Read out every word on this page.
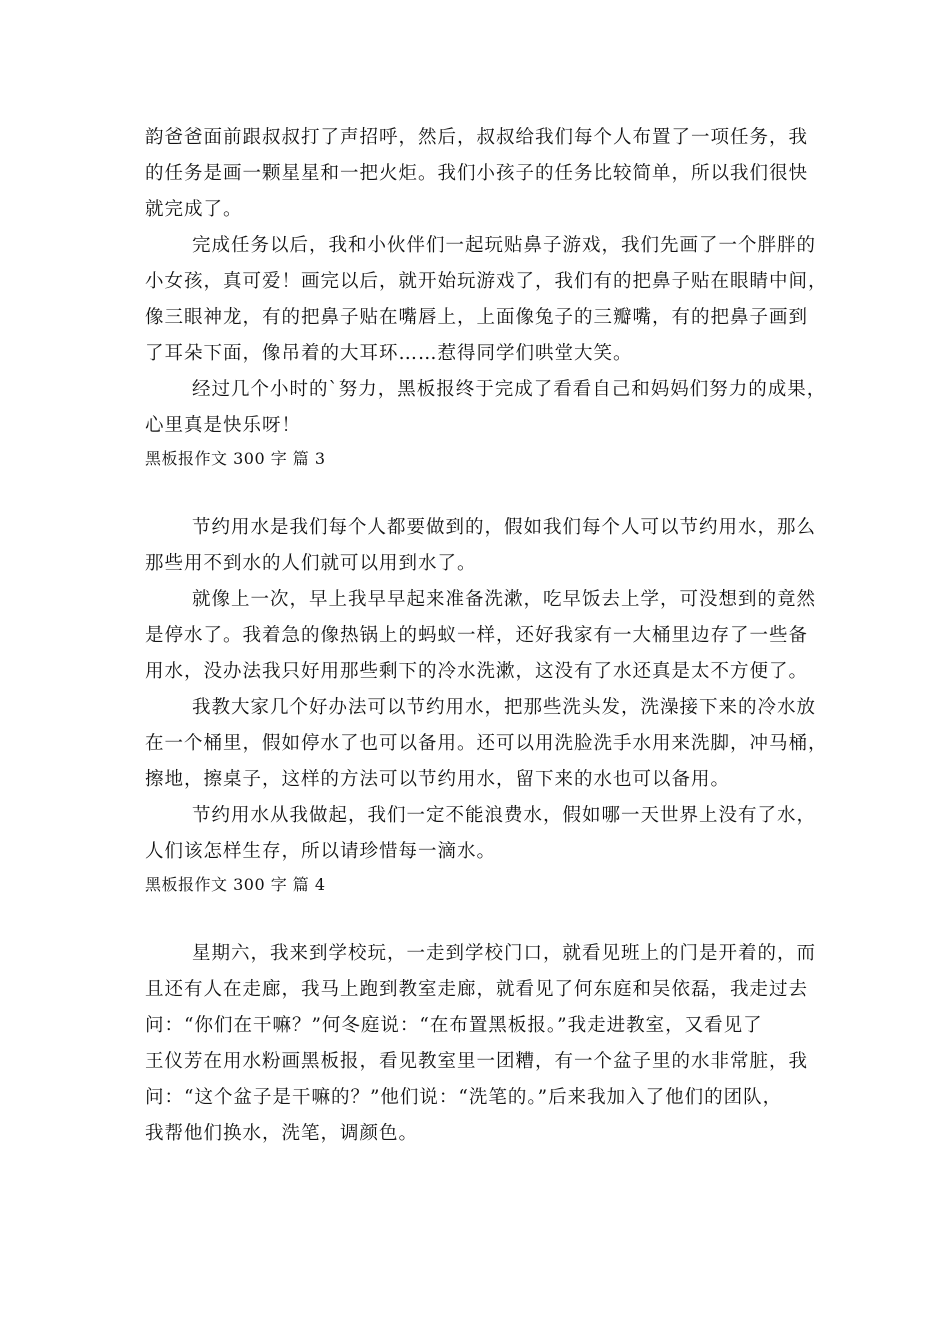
韵爸爸面前跟叔叔打了声招呼，然后，叔叔给我们每个人布置了一项任务，我
的任务是画一颗星星和一把火炬。我们小孩子的任务比较简单，所以我们很快
就完成了。

完成任务以后，我和小伙伴们一起玩贴鼻子游戏，我们先画了一个胖胖的
小女孩，真可爱！画完以后，就开始玩游戏了，我们有的把鼻子贴在眼睛中间，
像三眼神龙，有的把鼻子贴在嘴唇上，上面像兔子的三瓣嘴，有的把鼻子画到
了耳朵下面，像吊着的大耳环……惹得同学们哄堂大笑。

经过几个小时的`努力，黑板报终于完成了看看自己和妈妈们努力的成果，
心里真是快乐呀！

黑板报作文 300 字 篇 3

节约用水是我们每个人都要做到的，假如我们每个人可以节约用水，那么
那些用不到水的人们就可以用到水了。

就像上一次，早上我早早起来准备洗漱，吃早饭去上学，可没想到的竟然
是停水了。我着急的像热锅上的蚂蚁一样，还好我家有一大桶里边存了一些备
用水，没办法我只好用那些剩下的冷水洗漱，这没有了水还真是太不方便了。

我教大家几个好办法可以节约用水，把那些洗头发，洗澡接下来的冷水放
在一个桶里，假如停水了也可以备用。还可以用洗脸洗手水用来洗脚，冲马桶，
擦地，擦桌子，这样的方法可以节约用水，留下来的水也可以备用。

节约用水从我做起，我们一定不能浪费水，假如哪一天世界上没有了水，
人们该怎样生存，所以请珍惜每一滴水。

黑板报作文 300 字 篇 4

星期六，我来到学校玩，一走到学校门口，就看见班上的门是开着的，而
且还有人在走廊，我马上跑到教室走廊，就看见了何东庭和吴依磊，我走过去
问：“你们在干嘛？”何冬庭说：“在布置黑板报。”我走进教室，又看见了
王仪芳在用水粉画黑板报，看见教室里一团糟，有一个盆子里的水非常脏，我
问：“这个盆子是干嘛的？”他们说：“洗笔的。”后来我加入了他们的团队，
我帮他们换水，洗笔，调颜色。
